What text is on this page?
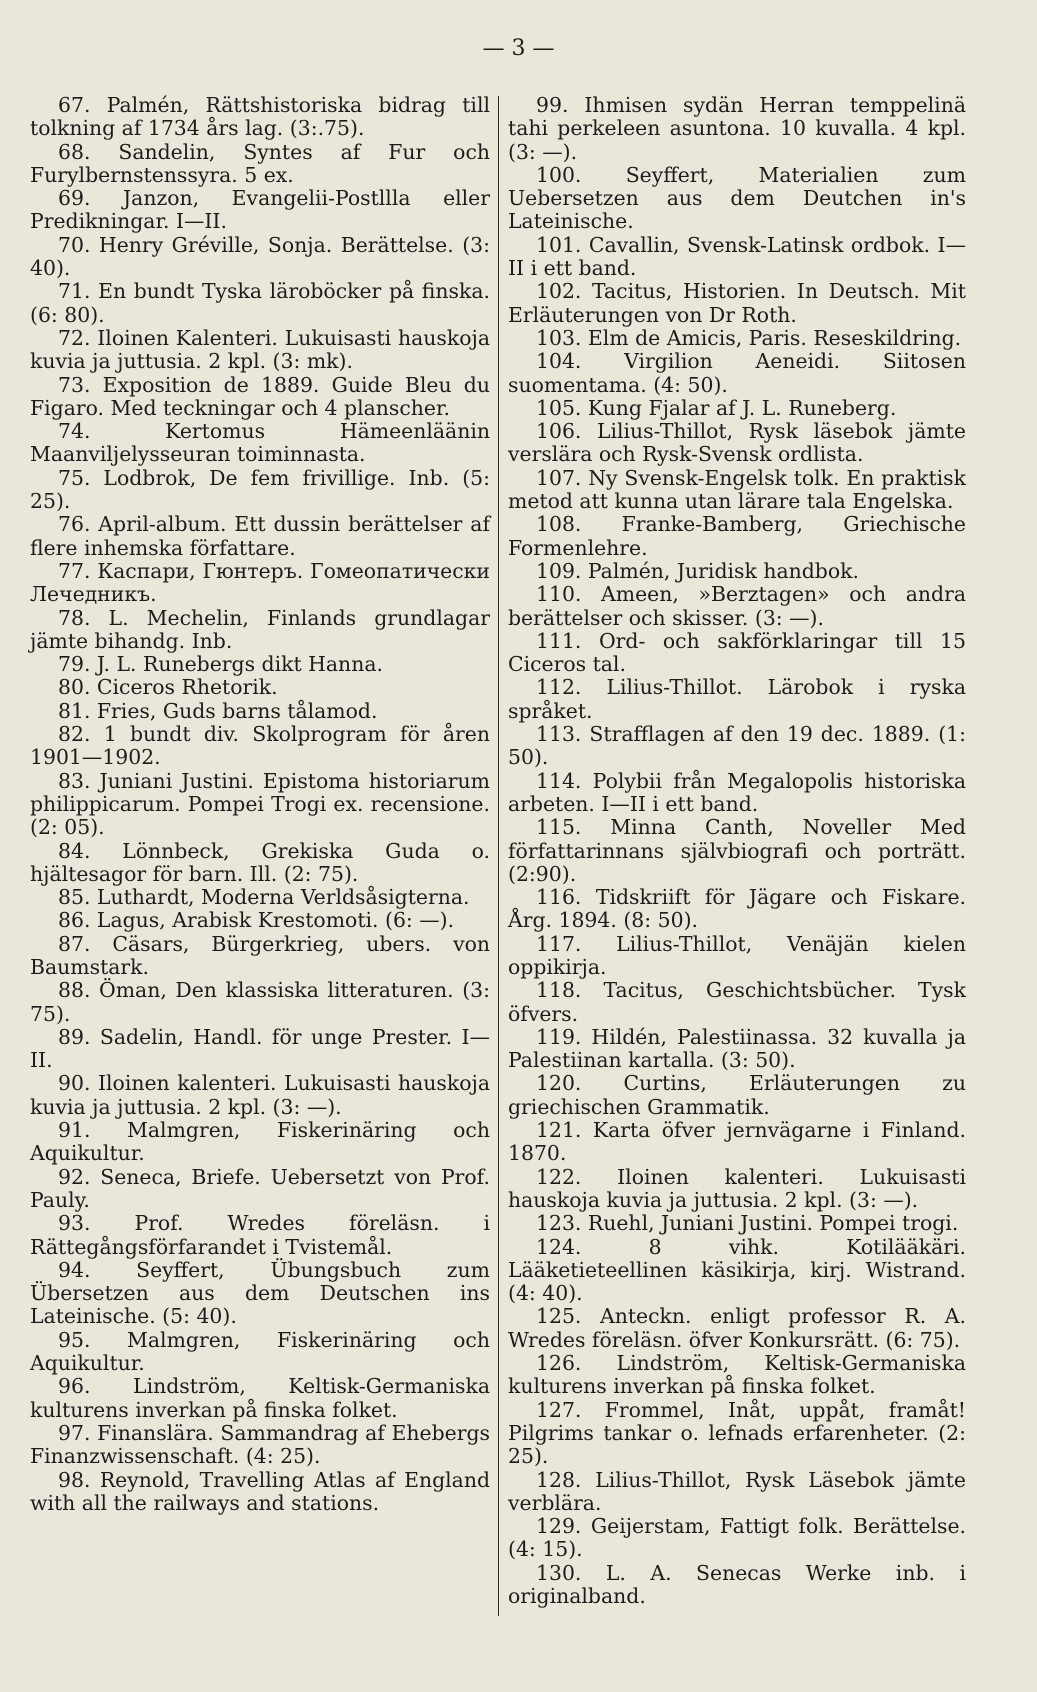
— 3 —

67. Palmén, Rättshistoriska bidrag till tolkning af 1734 års lag. (3:.75).

68. Sandelin, Syntes af Fur och Furylbernstenssyra. 5 ex.

69. Janzon, Evangelii-Postllla eller Predikningar. I—II.

70. Henry Gréville, Sonja. Berättelse. (3: 40).

71. En bundt Tyska läroböcker på finska. (6: 80).

72. Iloinen Kalenteri. Lukuisasti hauskoja kuvia ja juttusia. 2 kpl. (3: mk).

73. Exposition de 1889. Guide Bleu du Figaro. Med teckningar och 4 planscher.

74. Kertomus Hämeenläänin Maanviljelysseuran toiminnasta.

75. Lodbrok, De fem frivillige. Inb. (5: 25).

76. April-album. Ett dussin berättelser af flere inhemska författare.

77. Каспари, Гюнтеръ. Гомеопатически Лечедникъ.

78. L. Mechelin, Finlands grundlagar jämte bihandg. Inb.

79. J. L. Runebergs dikt Hanna.

80. Ciceros Rhetorik.

81. Fries, Guds barns tålamod.

82. 1 bundt div. Skolprogram för åren 1901—1902.

83. Juniani Justini. Epistoma historiarum philippicarum. Pompei Trogi ex. recensione. (2: 05).

84. Lönnbeck, Grekiska Guda o. hjältesagor för barn. Ill. (2: 75).

85. Luthardt, Moderna Verldsåsigterna.

86. Lagus, Arabisk Krestomoti. (6: —).

87. Cäsars, Bürgerkrieg, ubers. von Baumstark.

88. Öman, Den klassiska litteraturen. (3: 75).

89. Sadelin, Handl. för unge Prester. I—II.

90. Iloinen kalenteri. Lukuisasti hauskoja kuvia ja juttusia. 2 kpl. (3: —).

91. Malmgren, Fiskerinäring och Aquikultur.

92. Seneca, Briefe. Uebersetzt von Prof. Pauly.

93. Prof. Wredes föreläsn. i Rättegångsförfarandet i Tvistemål.

94. Seyffert, Übungsbuch zum Übersetzen aus dem Deutschen ins Lateinische. (5: 40).

95. Malmgren, Fiskerinäring och Aquikultur.

96. Lindström, Keltisk-Germaniska kulturens inverkan på finska folket.

97. Finanslära. Sammandrag af Ehebergs Finanzwissenschaft. (4: 25).

98. Reynold, Travelling Atlas af England with all the railways and stations.

99. Ihmisen sydän Herran temppelinä tahi perkeleen asuntona. 10 kuvalla. 4 kpl. (3: —).

100. Seyffert, Materialien zum Uebersetzen aus dem Deutchen in's Lateinische.

101. Cavallin, Svensk-Latinsk ordbok. I—II i ett band.

102. Tacitus, Historien. In Deutsch. Mit Erläuterungen von Dr Roth.

103. Elm de Amicis, Paris. Reseskildring.

104. Virgilion Aeneidi. Siitosen suomentama. (4: 50).

105. Kung Fjalar af J. L. Runeberg.

106. Lilius-Thillot, Rysk läsebok jämte verslära och Rysk-Svensk ordlista.

107. Ny Svensk-Engelsk tolk. En praktisk metod att kunna utan lärare tala Engelska.

108. Franke-Bamberg, Griechische Formenlehre.

109. Palmén, Juridisk handbok.

110. Ameen, »Berztagen» och andra berättelser och skisser. (3: —).

111. Ord- och sakförklaringar till 15 Ciceros tal.

112. Lilius-Thillot. Lärobok i ryska språket.

113. Strafflagen af den 19 dec. 1889. (1: 50).

114. Polybii från Megalopolis historiska arbeten. I—II i ett band.

115. Minna Canth, Noveller Med författarinnans självbiografi och porträtt. (2:90).

116. Tidskriift för Jägare och Fiskare. Årg. 1894. (8: 50).

117. Lilius-Thillot, Venäjän kielen oppikirja.

118. Tacitus, Geschichtsbücher. Tysk öfvers.

119. Hildén, Palestiinassa. 32 kuvalla ja Palestiinan kartalla. (3: 50).

120. Curtins, Erläuterungen zu griechischen Grammatik.

121. Karta öfver jernvägarne i Finland. 1870.

122. Iloinen kalenteri. Lukuisasti hauskoja kuvia ja juttusia. 2 kpl. (3: —).

123. Ruehl, Juniani Justini. Pompei trogi.

124. 8 vihk. Kotilääkäri. Lääketieteellinen käsikirja, kirj. Wistrand. (4: 40).

125. Anteckn. enligt professor R. A. Wredes föreläsn. öfver Konkursrätt. (6: 75).

126. Lindström, Keltisk-Germaniska kulturens inverkan på finska folket.

127. Frommel, Inåt, uppåt, framåt! Pilgrims tankar o. lefnads erfarenheter. (2: 25).

128. Lilius-Thillot, Rysk Läsebok jämte verblära.

129. Geijerstam, Fattigt folk. Berättelse. (4: 15).

130. L. A. Senecas Werke inb. i originalband.
